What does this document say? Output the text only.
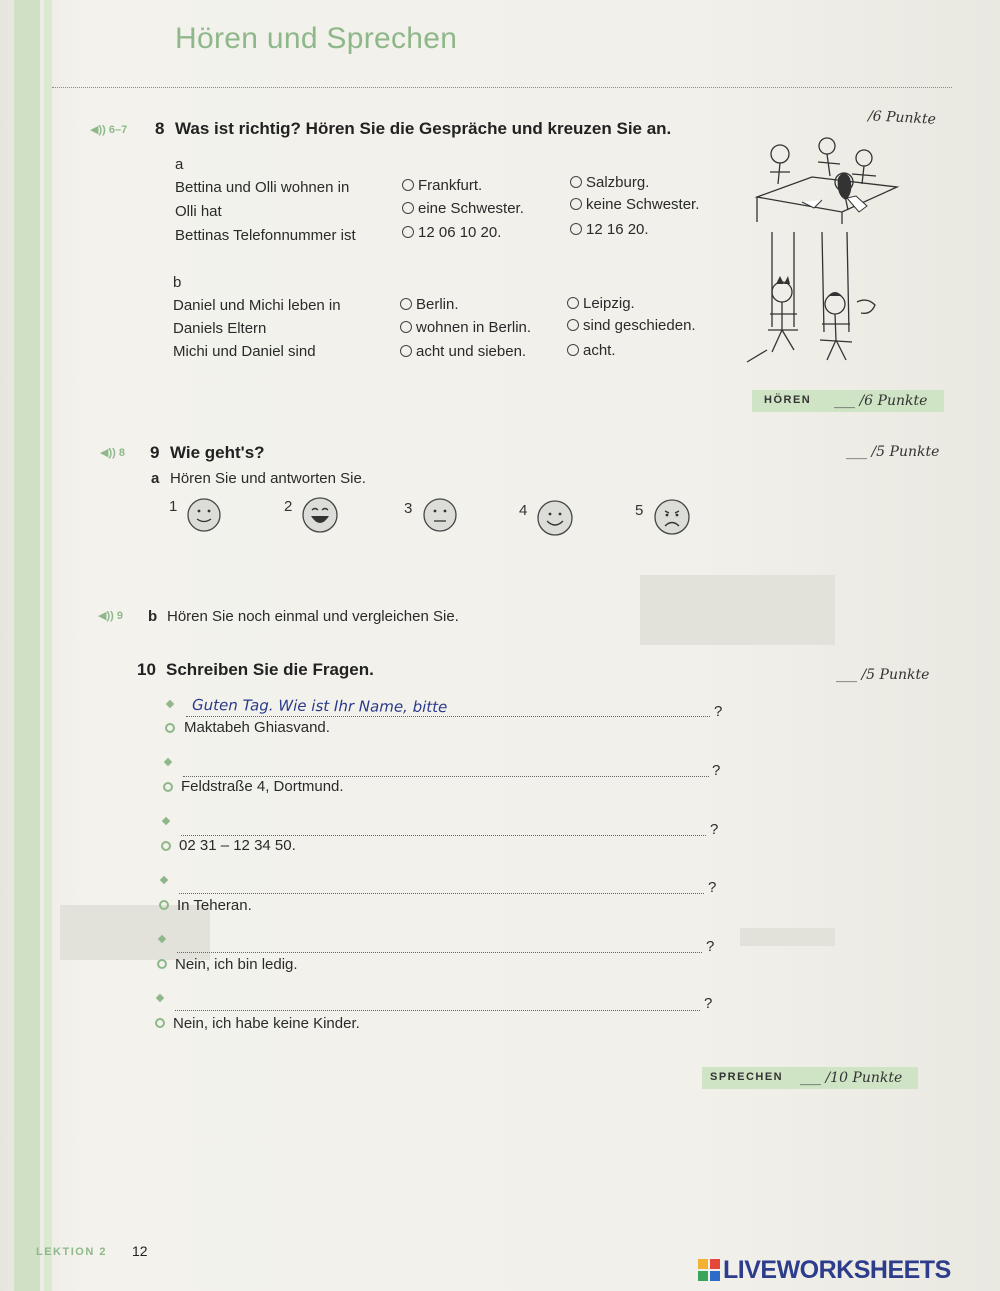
Hören und Sprechen
◀)) 6–7 8 Was ist richtig? Hören Sie die Gespräche und kreuzen Sie an.
/6 Punkte
a
Bettina und Olli wohnen in	Frankfurt.	Salzburg.
Olli hat	eine Schwester.	keine Schwester.
Bettinas Telefonnummer ist	12 06 10 20.	12 16 20.
b
Daniel und Michi leben in	Berlin.	Leipzig.
Daniels Eltern	wohnen in Berlin.	sind geschieden.
Michi und Daniel sind	acht und sieben.	acht.
HÖREN ___ /6 Punkte
◀)) 8 9 Wie geht's?	___ /5 Punkte
a Hören Sie und antworten Sie.
1	2	3	4	5
◀)) 9 b Hören Sie noch einmal und vergleichen Sie.
10 Schreiben Sie die Fragen.	___ /5 Punkte
Guten Tag. Wie ist Ihr Name, bitte	?
Maktabeh Ghiasvand.
?
Feldstraße 4, Dortmund.
?
02 31 – 12 34 50.
?
In Teheran.
?
Nein, ich bin ledig.
?
Nein, ich habe keine Kinder.
SPRECHEN ___ /10 Punkte
LEKTION 2 12
LIVEWORKSHEETS
